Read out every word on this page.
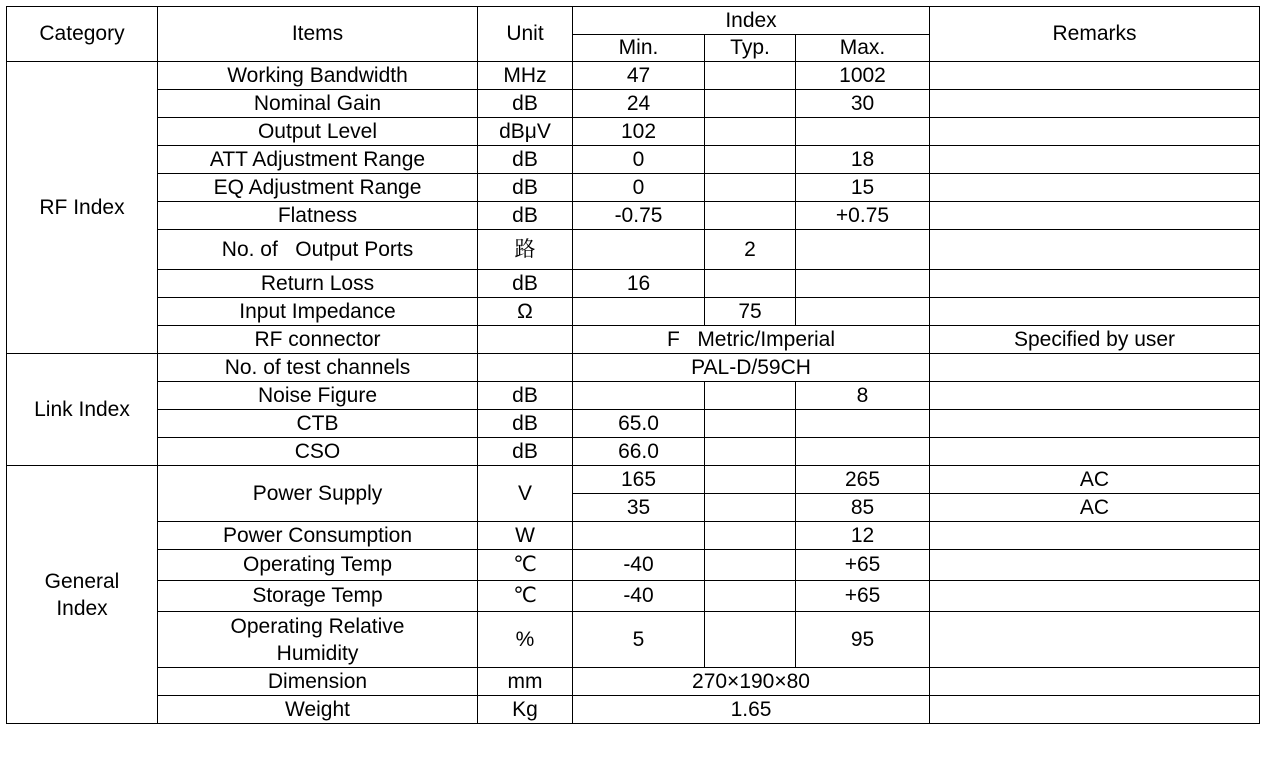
Category	Items	Unit	Index			Remarks
			Min.	Typ.	Max.	
RF Index	Working Bandwidth	MHz	47		1002	
	Nominal Gain	dB	24		30	
	Output Level	dBμV	102			
	ATT Adjustment Range	dB	0		18	
	EQ Adjustment Range	dB	0		15	
	Flatness	dB	-0.75		+0.75	
	No. of   Output Ports	路		2		
	Return Loss	dB	16			
	Input Impedance	Ω		75		
	RF connector		F   Metric/Imperial			Specified by user
Link Index	No. of test channels		PAL-D/59CH			
	Noise Figure	dB			8	
	CTB	dB	65.0			
	CSO	dB	66.0			
General Index	Power Supply	V	165		265	AC
			35		85	AC
	Power Consumption	W			12	
	Operating Temp	℃	-40		+65	
	Storage Temp	℃	-40		+65	
	Operating Relative Humidity	%	5		95	
	Dimension	mm	270×190×80			
	Weight	Kg	1.65			
